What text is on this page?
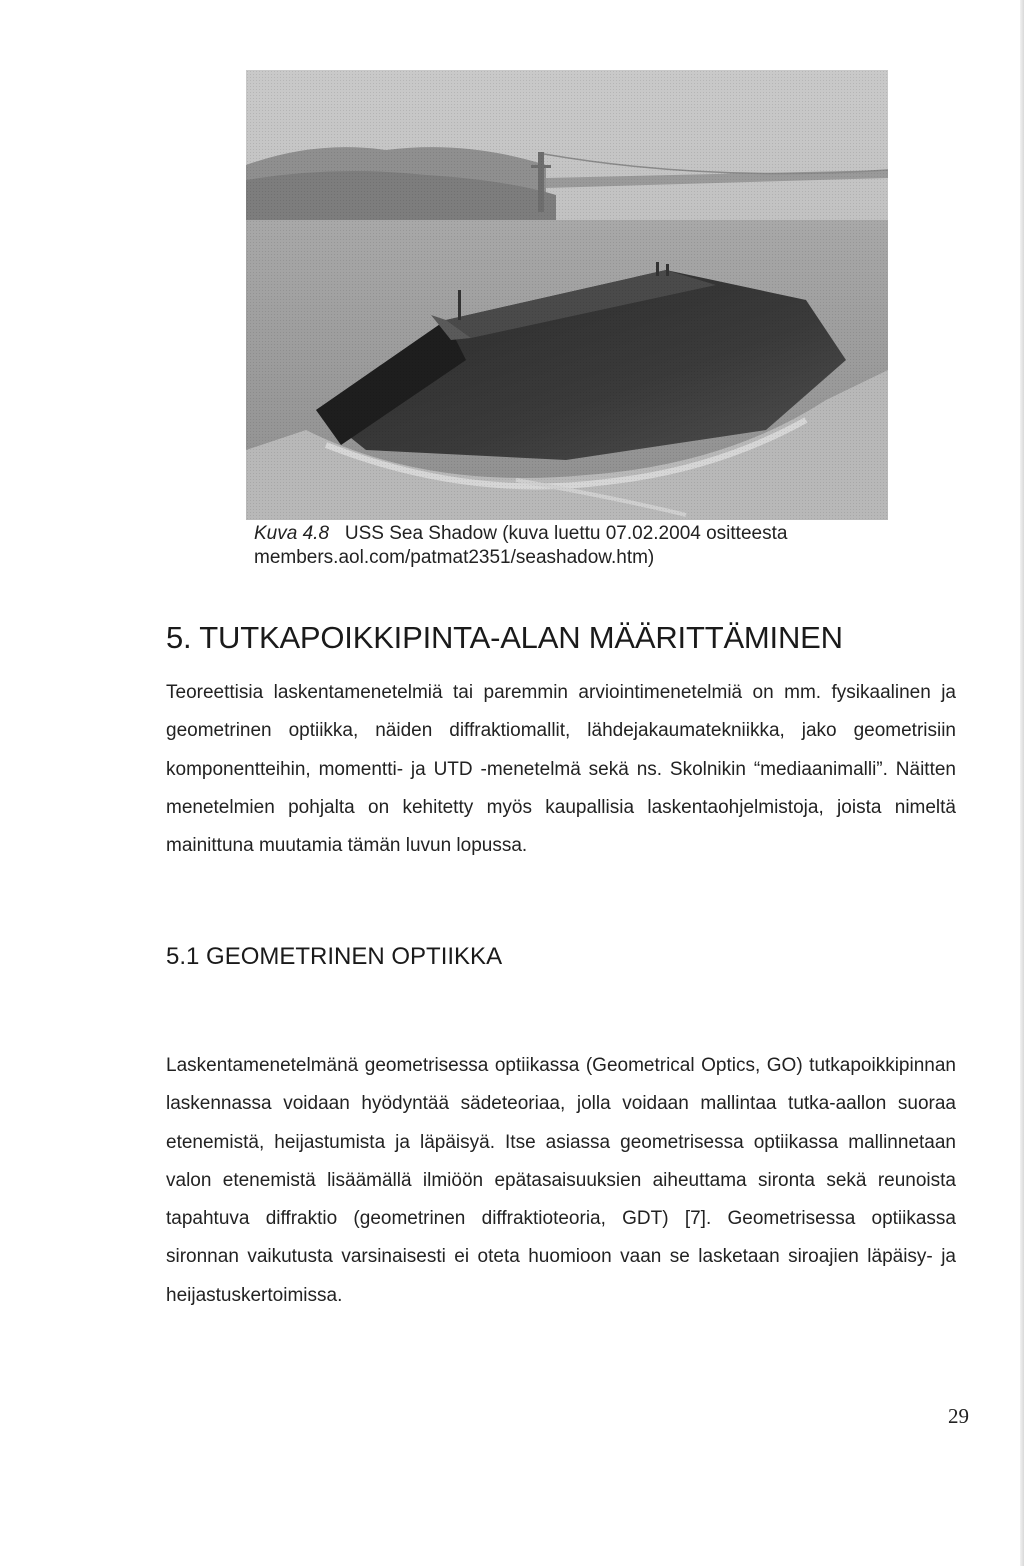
Kuva 4.8 USS Sea Shadow (kuva luettu 07.02.2004 ositteesta
members.aol.com/patmat2351/seashadow.htm)
5. TUTKAPOIKKIPINTA-ALAN MÄÄRITTÄMINEN

Teoreettisia laskentamenetelmiä tai paremmin arviointimenetelmiä on mm. fysikaalinen ja geometrinen optiikka, näiden diffraktiomallit, lähdejakaumatekniikka, jako geometrisiin komponentteihin, momentti- ja UTD -menetelmä sekä ns. Skolnikin “mediaanimalli”. Näitten menetelmien pohjalta on kehitetty myös kaupallisia laskentaohjelmistoja, joista nimeltä mainittuna muutamia tämän luvun lopussa.

5.1 GEOMETRINEN OPTIIKKA

Laskentamenetelmänä geometrisessa optiikassa (Geometrical Optics, GO) tutkapoikkipinnan laskennassa voidaan hyödyntää sädeteoriaa, jolla voidaan mallintaa tutka-aallon suoraa etenemistä, heijastumista ja läpäisyä. Itse asiassa geometrisessa optiikassa mallinnetaan valon etenemistä lisäämällä ilmiöön epätasaisuuksien aiheuttama sironta sekä reunoista tapahtuva diffraktio (geometrinen diffraktioteoria, GDT) [7]. Geometrisessa optiikassa sironnan vaikutusta varsinaisesti ei oteta huomioon vaan se lasketaan siroajien läpäisy- ja heijastuskertoimissa.

29
